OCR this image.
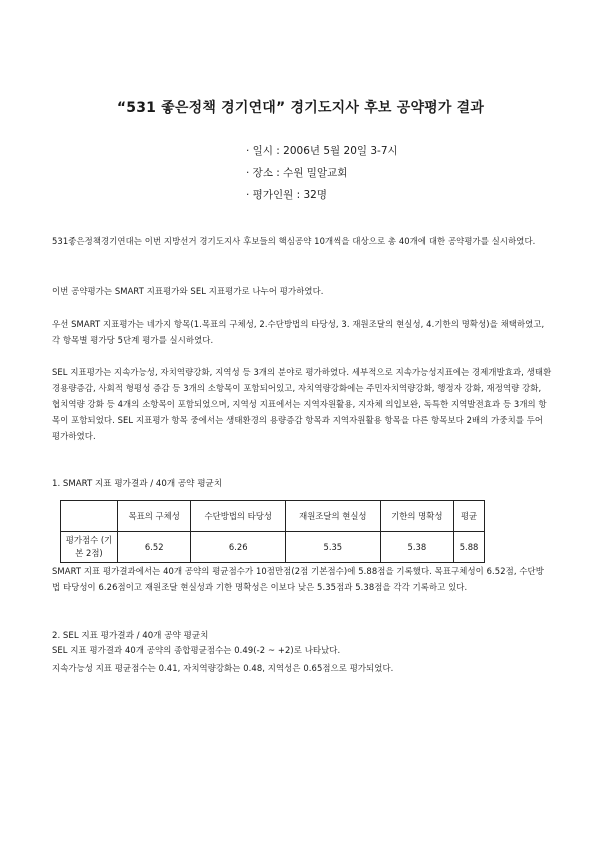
“531 좋은정책 경기연대” 경기도지사 후보 공약평가 결과
· 일시 : 2006년 5월 20일 3-7시
· 장소 : 수원 밀알교회
· 평가인원 : 32명
531좋은정책경기연대는 이번 지방선거 경기도지사 후보들의 핵심공약 10개씩을 대상으로 총 40개에 대한 공약평가를 실시하였다.
이번 공약평가는 SMART 지표평가와 SEL 지표평가로 나누어 평가하였다.
우선 SMART 지표평가는 네가지 항목(1.목표의 구체성, 2.수단방법의 타당성, 3. 재원조달의 현실성, 4.기한의 명확성)을 채택하였고, 각 항목별 평가당 5단계 평가를 실시하였다.
SEL 지표평가는 지속가능성, 자치역량강화, 지역성 등 3개의 분야로 평가하였다. 세부적으로 지속가능성지표에는 경제개발효과, 생태환경용량증감, 사회적 형평성 증감 등 3개의 소항목이 포함되어있고, 자치역량강화에는 주민자치역량강화, 행정자 강화, 재정역량 강화, 협치역량 강화 등 4개의 소항목이 포함되었으며, 지역성 지표에서는 지역자원활용, 지자체 의입보완, 독특한 지역발전효과 등 3개의 항목이 포함되었다. SEL 지표평가 항목 중에서는 생태환경의 용량증감 항목과 지역자원활용 항목을 다른 항목보다 2배의 가중치를 두어 평가하였다.
1. SMART 지표 평가결과 / 40개 공약 평균치
	목표의 구체성	수단방법의 타당성	재원조달의 현실성	기한의 명확성	평균
평가점수 (기본 2점)	6.52	6.26	5.35	5.38	5.88
SMART 지표 평가결과에서는 40개 공약의 평균점수가 10점만점(2점 기본점수)에 5.88점을 기록했다. 목표구체성이 6.52점, 수단방법 타당성이 6.26점이고 재원조달 현실성과 기한 명확성은 이보다 낮은 5.35점과 5.38점을 각각 기록하고 있다.
2. SEL 지표 평가결과 / 40개 공약 평균치
SEL 지표 평가결과 40개 공약의 종합평균점수는 0.49(-2 ~ +2)로 나타났다.
지속가능성 지표 평균점수는 0.41, 자치역량강화는 0.48, 지역성은 0.65점으로 평가되었다.
